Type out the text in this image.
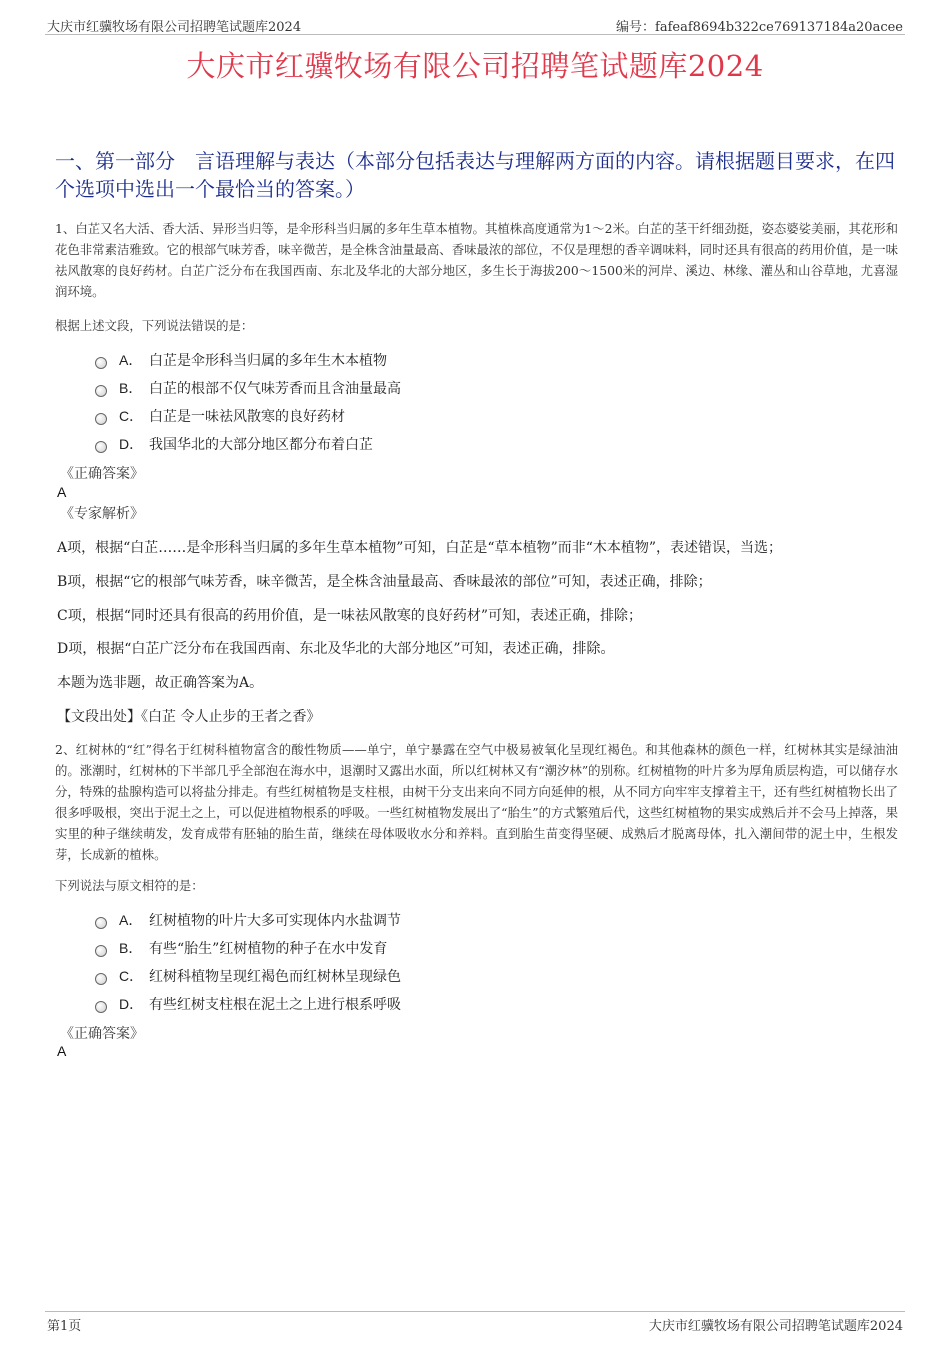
大庆市红骥牧场有限公司招聘笔试题库2024	编号：fafeaf8694b322ce769137184a20acee
大庆市红骥牧场有限公司招聘笔试题库2024
一、第一部分　言语理解与表达（本部分包括表达与理解两方面的内容。请根据题目要求，在四个选项中选出一个最恰当的答案。）
1、白芷又名大活、香大活、异形当归等，是伞形科当归属的多年生草本植物。其植株高度通常为1～2米。白芷的茎干纤细劲挺，姿态婆娑美丽，其花形和花色非常素洁雅致。它的根部气味芳香，味辛微苦，是全株含油量最高、香味最浓的部位，不仅是理想的香辛调味料，同时还具有很高的药用价值，是一味祛风散寒的良好药材。白芷广泛分布在我国西南、东北及华北的大部分地区，多生长于海拔200～1500米的河岸、溪边、林缘、灌丛和山谷草地，尤喜湿润环境。
根据上述文段，下列说法错误的是：
A． 白芷是伞形科当归属的多年生木本植物
B． 白芷的根部不仅气味芳香而且含油量最高
C． 白芷是一味祛风散寒的良好药材
D． 我国华北的大部分地区都分布着白芷
《正确答案》
A
《专家解析》
A项，根据“白芷……是伞形科当归属的多年生草本植物”可知，白芷是“草本植物”而非“木本植物”，表述错误，当选；
B项，根据“它的根部气味芳香，味辛微苦，是全株含油量最高、香味最浓的部位”可知，表述正确，排除；
C项，根据“同时还具有很高的药用价值，是一味祛风散寒的良好药材”可知，表述正确，排除；
D项，根据“白芷广泛分布在我国西南、东北及华北的大部分地区”可知，表述正确，排除。
本题为选非题，故正确答案为A。
【文段出处】《白芷 令人止步的王者之香》
2、红树林的“红”得名于红树科植物富含的酸性物质——单宁，单宁暴露在空气中极易被氧化呈现红褐色。和其他森林的颜色一样，红树林其实是绿油油的。涨潮时，红树林的下半部几乎全部泡在海水中，退潮时又露出水面，所以红树林又有“潮汐林”的别称。红树植物的叶片多为厚角质层构造，可以储存水分，特殊的盐腺构造可以将盐分排走。有些红树植物是支柱根，由树干分支出来向不同方向延伸的根，从不同方向牢牢支撑着主干，还有些红树植物长出了很多呼吸根，突出于泥土之上，可以促进植物根系的呼吸。一些红树植物发展出了“胎生”的方式繁殖后代，这些红树植物的果实成熟后并不会马上掉落，果实里的种子继续萌发，发育成带有胚轴的胎生苗，继续在母体吸收水分和养料。直到胎生苗变得坚硬、成熟后才脱离母体，扎入潮间带的泥土中，生根发芽，长成新的植株。
下列说法与原文相符的是：
A． 红树植物的叶片大多可实现体内水盐调节
B． 有些“胎生”红树植物的种子在水中发育
C． 红树科植物呈现红褐色而红树林呈现绿色
D． 有些红树支柱根在泥土之上进行根系呼吸
《正确答案》
A
第1页	大庆市红骥牧场有限公司招聘笔试题库2024
